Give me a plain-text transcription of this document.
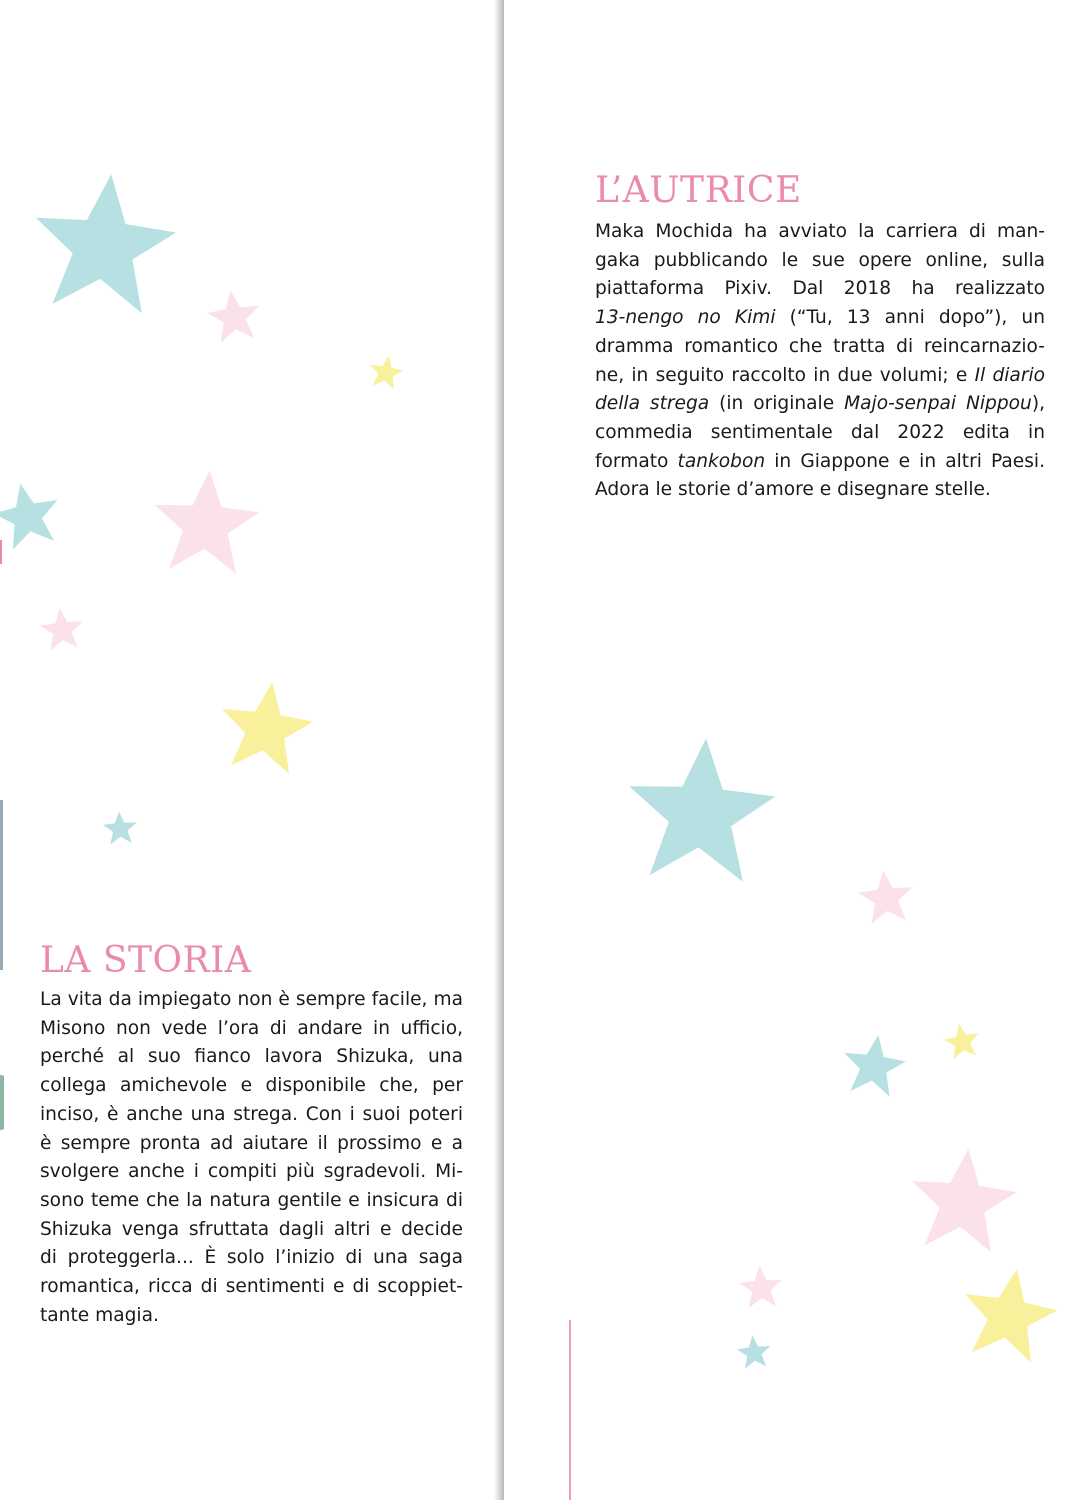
LA STORIA
La vita da impiegato non è sempre facile, ma
Misono non vede l’ora di andare in ufficio,
perché al suo fianco lavora Shizuka, una
collega amichevole e disponibile che, per
inciso, è anche una strega. Con i suoi poteri
è sempre pronta ad aiutare il prossimo e a
svolgere anche i compiti più sgradevoli. Mi-
sono teme che la natura gentile e insicura di
Shizuka venga sfruttata dagli altri e decide
di proteggerla... È solo l’inizio di una saga
romantica, ricca di sentimenti e di scoppiet-
tante magia.
L’AUTRICE
Maka Mochida ha avviato la carriera di man-
gaka pubblicando le sue opere online, sulla
piattaforma Pixiv. Dal 2018 ha realizzato
13-nengo no Kimi (“Tu, 13 anni dopo”), un
dramma romantico che tratta di reincarnazio-
ne, in seguito raccolto in due volumi; e Il diario
della strega (in originale Majo-senpai Nippou),
commedia sentimentale dal 2022 edita in
formato tankobon in Giappone e in altri Paesi.
Adora le storie d’amore e disegnare stelle.
